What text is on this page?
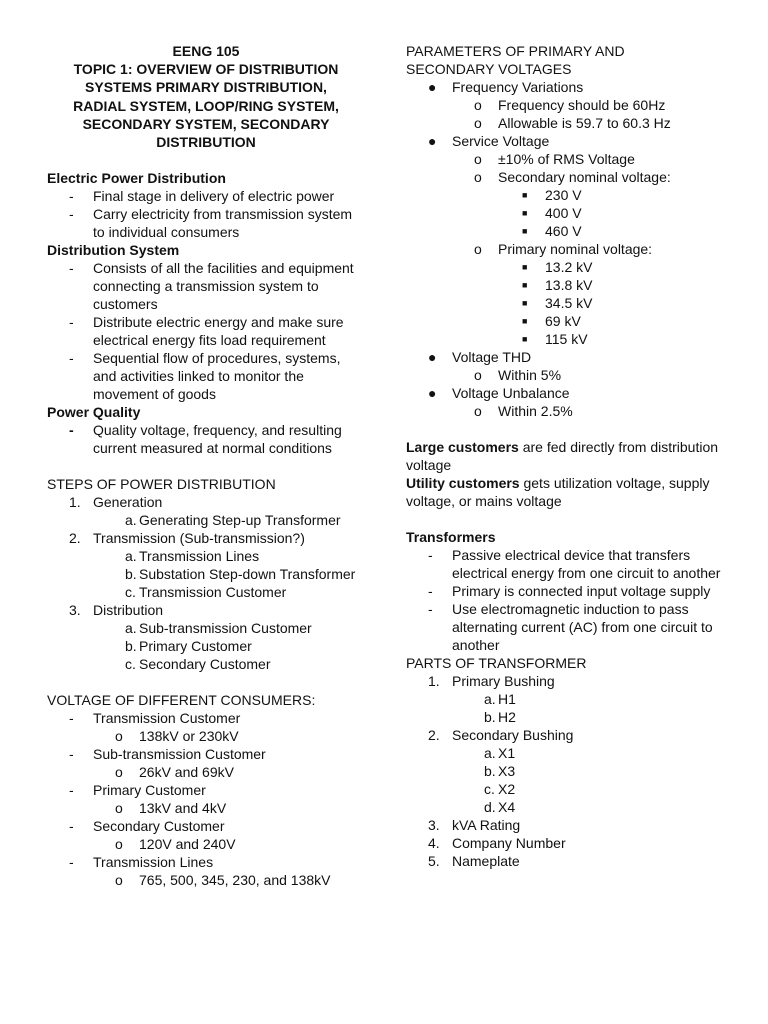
EENG 105
TOPIC 1: OVERVIEW OF DISTRIBUTION
SYSTEMS PRIMARY DISTRIBUTION,
RADIAL SYSTEM, LOOP/RING SYSTEM,
SECONDARY SYSTEM, SECONDARY
DISTRIBUTION
Electric Power Distribution
- Final stage in delivery of electric power
- Carry electricity from transmission system to individual consumers
Distribution System
- Consists of all the facilities and equipment connecting a transmission system to customers
- Distribute electric energy and make sure electrical energy fits load requirement
- Sequential flow of procedures, systems, and activities linked to monitor the movement of goods
Power Quality
- Quality voltage, frequency, and resulting current measured at normal conditions
STEPS OF POWER DISTRIBUTION
1. Generation
a. Generating Step-up Transformer
2. Transmission (Sub-transmission?)
a. Transmission Lines
b. Substation Step-down Transformer
c. Transmission Customer
3. Distribution
a. Sub-transmission Customer
b. Primary Customer
c. Secondary Customer
VOLTAGE OF DIFFERENT CONSUMERS:
- Transmission Customer
o 138kV or 230kV
- Sub-transmission Customer
o 26kV and 69kV
- Primary Customer
o 13kV and 4kV
- Secondary Customer
o 120V and 240V
- Transmission Lines
o 765, 500, 345, 230, and 138kV
PARAMETERS OF PRIMARY AND
SECONDARY VOLTAGES
● Frequency Variations
o Frequency should be 60Hz
o Allowable is 59.7 to 60.3 Hz
● Service Voltage
o ±10% of RMS Voltage
o Secondary nominal voltage:
■ 230 V
■ 400 V
■ 460 V
o Primary nominal voltage:
■ 13.2 kV
■ 13.8 kV
■ 34.5 kV
■ 69 kV
■ 115 kV
● Voltage THD
o Within 5%
● Voltage Unbalance
o Within 2.5%
Large customers are fed directly from distribution voltage
Utility customers gets utilization voltage, supply voltage, or mains voltage
Transformers
- Passive electrical device that transfers electrical energy from one circuit to another
- Primary is connected input voltage supply
- Use electromagnetic induction to pass alternating current (AC) from one circuit to another
PARTS OF TRANSFORMER
1. Primary Bushing
a. H1
b. H2
2. Secondary Bushing
a. X1
b. X3
c. X2
d. X4
3. kVA Rating
4. Company Number
5. Nameplate
